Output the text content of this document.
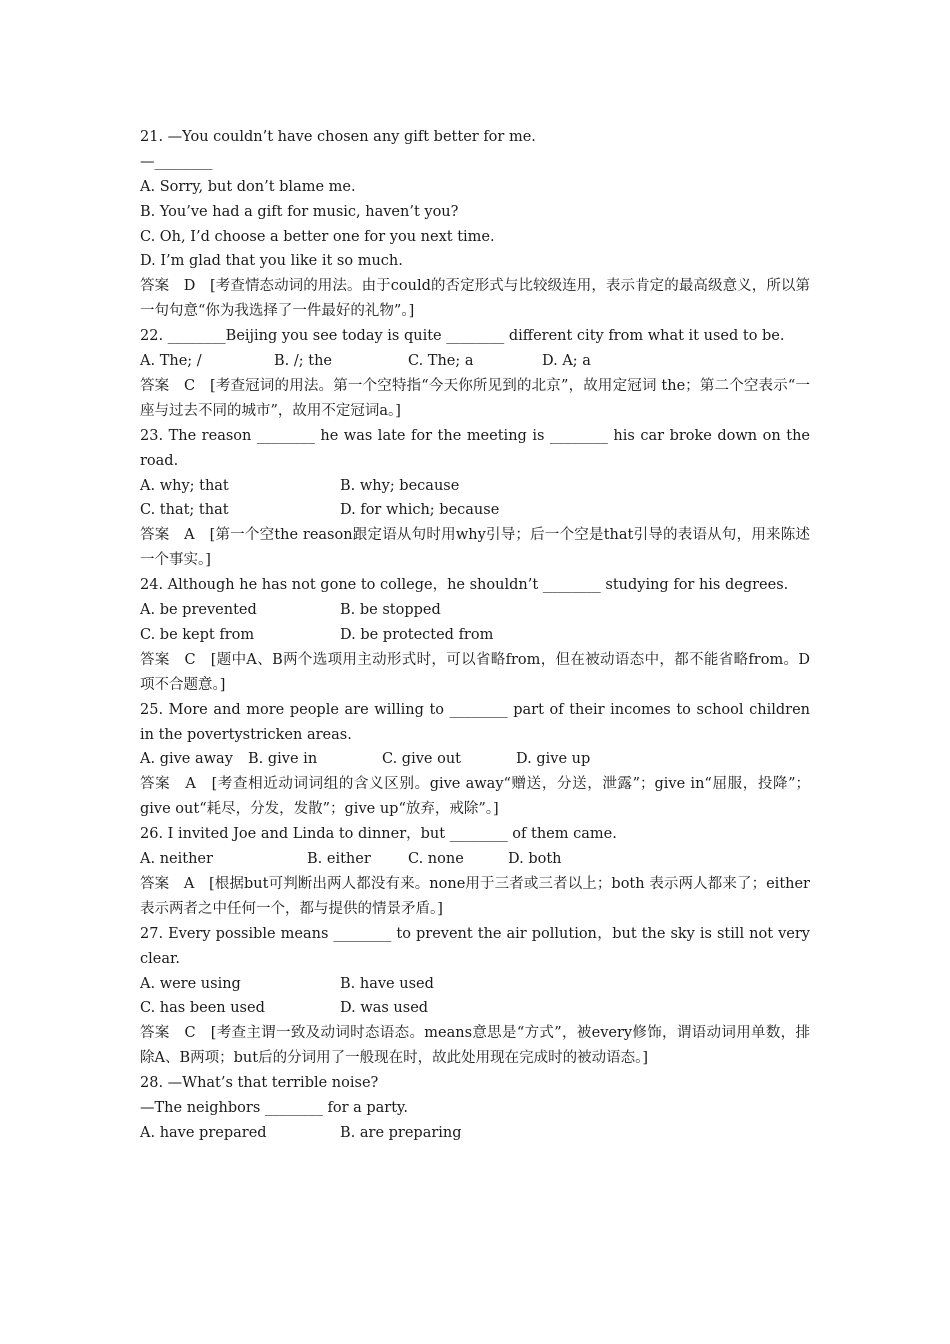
21. —You couldn’t have chosen any gift better for me.
—________
A. Sorry, but don’t blame me.
B. You’ve had a gift for music, haven’t you?
C. Oh, I’d choose a better one for you next time.
D. I’m glad that you like it so much.
答案　D　[考查情态动词的用法。由于could的否定形式与比较级连用，表示肯定的最高级意义，所以第一句句意“你为我选择了一件最好的礼物”。]
22. ________Beijing you see today is quite ________ different city from what it used to be.
A. The; /	B. /; the	C. The; a	D. A; a
答案　C　[考查冠词的用法。第一个空特指“今天你所见到的北京”，故用定冠词 the；第二个空表示“一座与过去不同的城市”，故用不定冠词a。]
23. The reason ________ he was late for the meeting is ________ his car broke down on the road.
A. why; that	B. why; because
C. that; that	D. for which; because
答案　A　[第一个空the reason跟定语从句时用why引导；后一个空是that引导的表语从句，用来陈述一个事实。]
24. Although he has not gone to college，he shouldn’t ________ studying for his degrees.
A. be prevented	B. be stopped
C. be kept from	D. be protected from
答案　C　[题中A、B两个选项用主动形式时，可以省略from，但在被动语态中，都不能省略from。D项不合题意。]
25. More and more people are willing to ________ part of their incomes to school children in the povertystricken areas.
A. give away	B. give in	C. give out	D. give up
答案　A　[考查相近动词词组的含义区别。give away“赠送，分送，泄露”；give in“屈服，投降”；give out“耗尽，分发，发散”；give up“放弃，戒除”。]
26. I invited Joe and Linda to dinner，but ________ of them came.
A. neither	B. either	C. none	D. both
答案　A　[根据but可判断出两人都没有来。none用于三者或三者以上；both 表示两人都来了；either表示两者之中任何一个，都与提供的情景矛盾。]
27. Every possible means ________ to prevent the air pollution，but the sky is still not very clear.
A. were using	B. have used
C. has been used	D. was used
答案　C　[考查主谓一致及动词时态语态。means意思是“方式”，被every修饰，谓语动词用单数，排除A、B两项；but后的分词用了一般现在时，故此处用现在完成时的被动语态。]
28. —What’s that terrible noise?
—The neighbors ________ for a party.
A. have prepared	B. are preparing
